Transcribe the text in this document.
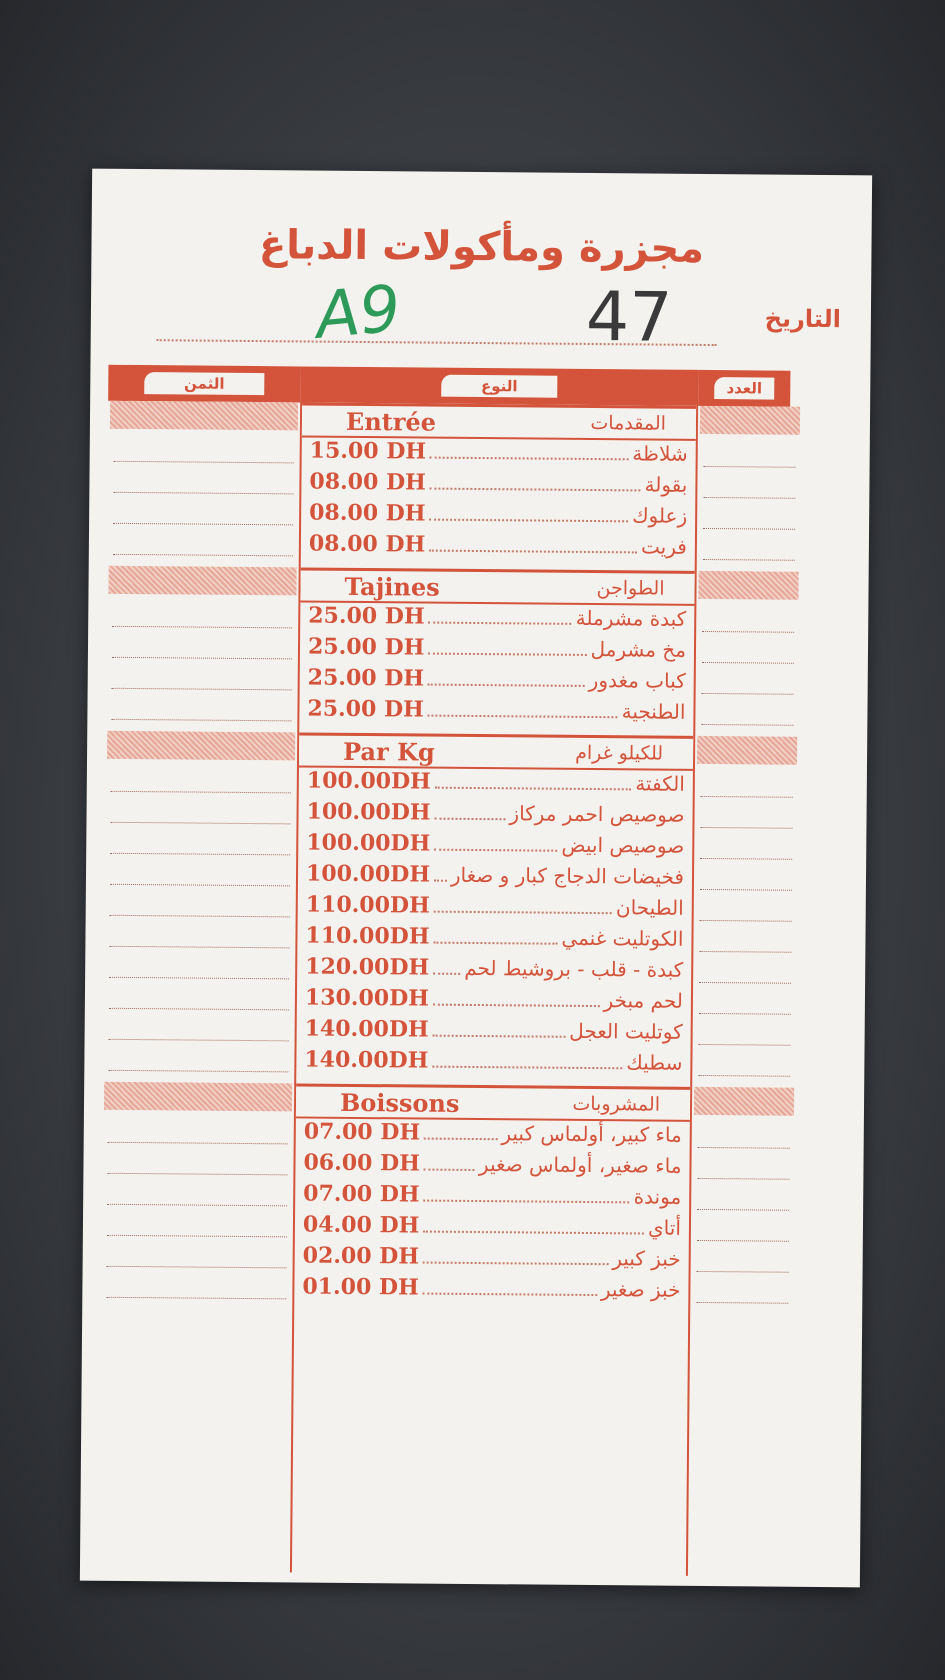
مجزرة ومأكولات الدباغ
A9	47	التاريخ
الثمن	النوع	العدد
Entrée	المقدمات
15.00 DH	شلاظة
08.00 DH	بقولة
08.00 DH	زعلوك
08.00 DH	فريت
Tajines	الطواجن
25.00 DH	كبدة مشرملة
25.00 DH	مخ مشرمل
25.00 DH	كباب مغدور
25.00 DH	الطنجية
Par Kg	للكيلو غرام
100.00DH	الكفتة
100.00DH	صوصيص احمر مركاز
100.00DH	صوصيص ابيض
100.00DH فخيضات الدجاج كبار و صغار
110.00DH	الطيحان
110.00DH	الكوتليت غنمي
120.00DH كبدة - قلب - بروشيط لحم
130.00DH	لحم مبخر
140.00DH	كوتليت العجل
140.00DH	سطيك
Boissons	المشروبات
07.00 DH	ماء كبير، أولماس كبير
06.00 DH	ماء صغير، أولماس صغير
07.00 DH	موندة
04.00 DH	أتاي
02.00 DH	خبز كبير
01.00 DH	خبز صغير
